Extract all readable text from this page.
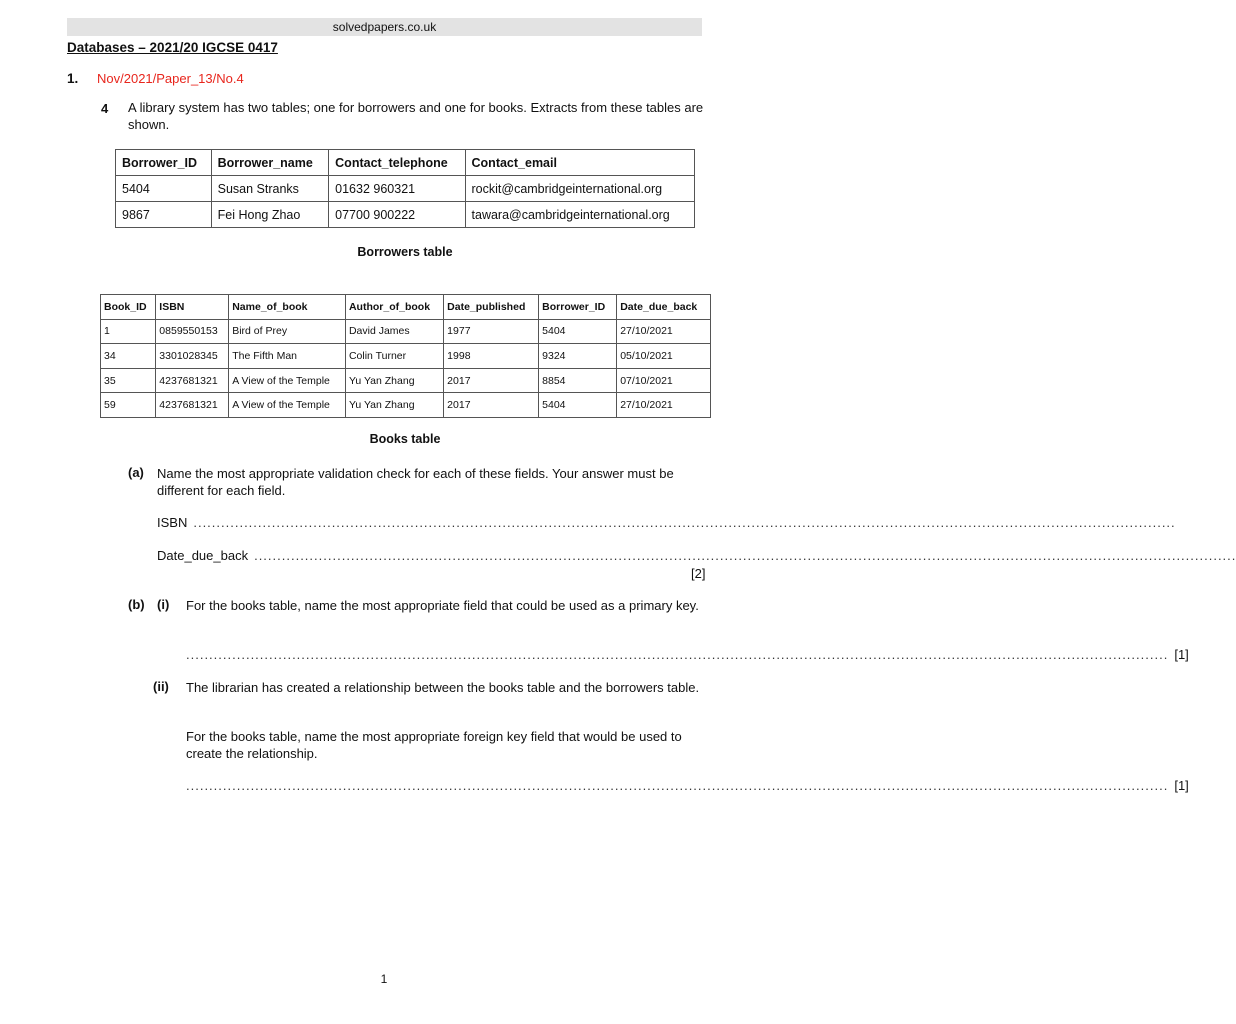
solvedpapers.co.uk
Databases – 2021/20 IGCSE 0417
1. Nov/2021/Paper_13/No.4
4 A library system has two tables; one for borrowers and one for books. Extracts from these tables are shown.
Borrower_ID	Borrower_name	Contact_telephone	Contact_email
5404	Susan Stranks	01632 960321	rockit@cambridgeinternational.org
9867	Fei Hong Zhao	07700 900222	tawara@cambridgeinternational.org
Borrowers table
Book_ID	ISBN	Name_of_book	Author_of_book	Date_published	Borrower_ID	Date_due_back
1	0859550153	Bird of Prey	David James	1977	5404	27/10/2021
34	3301028345	The Fifth Man	Colin Turner	1998	9324	05/10/2021
35	4237681321	A View of the Temple	Yu Yan Zhang	2017	8854	07/10/2021
59	4237681321	A View of the Temple	Yu Yan Zhang	2017	5404	27/10/2021
Books table
(a) Name the most appropriate validation check for each of these fields. Your answer must be different for each field.
ISBN .....................................................................................................................................................................................................................
Date_due_back .....................................................................................................................................................................................................................
[2]
(b) (i) For the books table, name the most appropriate field that could be used as a primary key.
..................................................................................................................................................................................................................... [1]
(ii) The librarian has created a relationship between the books table and the borrowers table.
For the books table, name the most appropriate foreign key field that would be used to create the relationship.
..................................................................................................................................................................................................................... [1]
1
